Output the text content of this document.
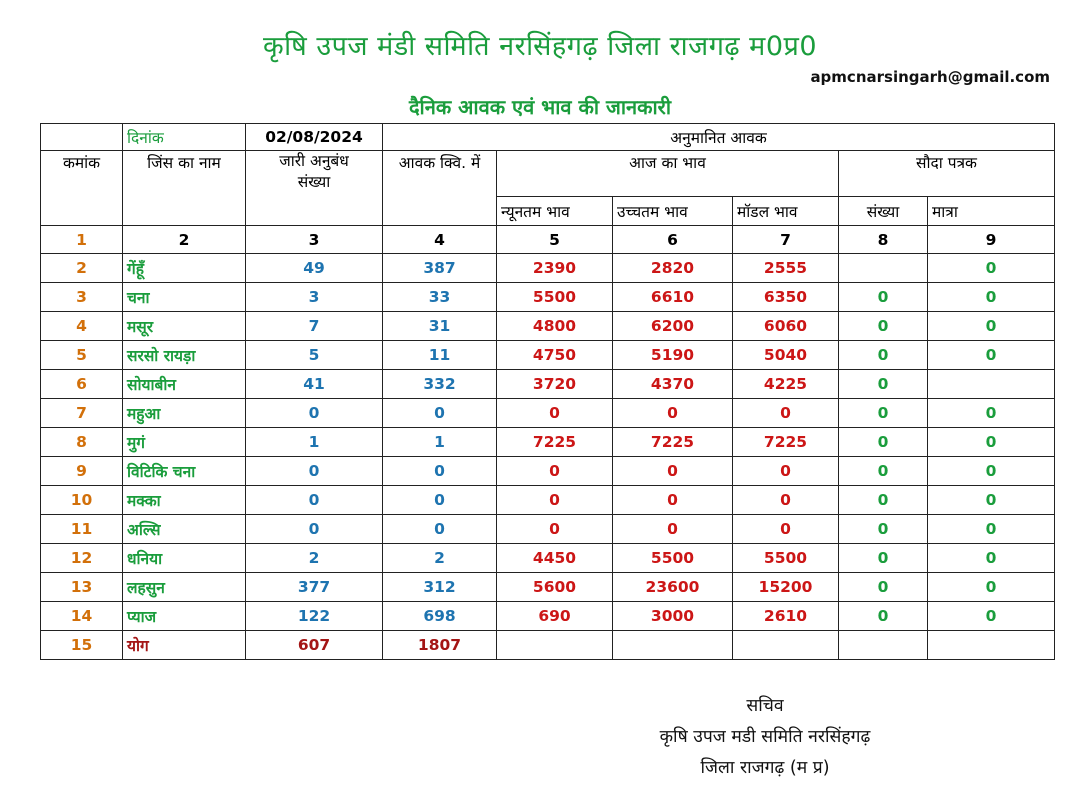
कृषि उपज मंडी समिति नरसिंहगढ़ जिला राजगढ़ म0प्र0
apmcnarsingarh@gmail.com
दैनिक आवक एवं भाव की जानकारी
	दिनांक	02/08/2024	अनुमानित आवक					
कमांक	जिंस का नाम	जारी अनुबंध संख्या	आवक क्वि. में	आज का भाव			सौदा पत्रक	
				न्यूनतम भाव	उच्चतम भाव	मॉडल भाव	संख्या	मात्रा
1	2	3	4	5	6	7	8	9
2	गेंहूँ	49	387	2390	2820	2555		0
3	चना	3	33	5500	6610	6350	0	0
4	मसूर	7	31	4800	6200	6060	0	0
5	सरसो रायड़ा	5	11	4750	5190	5040	0	0
6	सोयाबीन	41	332	3720	4370	4225	0	
7	महुआ	0	0	0	0	0	0	0
8	मुगं	1	1	7225	7225	7225	0	0
9	विटिकि चना	0	0	0	0	0	0	0
10	मक्का	0	0	0	0	0	0	0
11	अल्सि	0	0	0	0	0	0	0
12	धनिया	2	2	4450	5500	5500	0	0
13	लहसुन	377	312	5600	23600	15200	0	0
14	प्याज	122	698	690	3000	2610	0	0
15	योग	607	1807					
सचिव
कृषि उपज मडी समिति नरसिंहगढ़
जिला राजगढ़ (म प्र)
